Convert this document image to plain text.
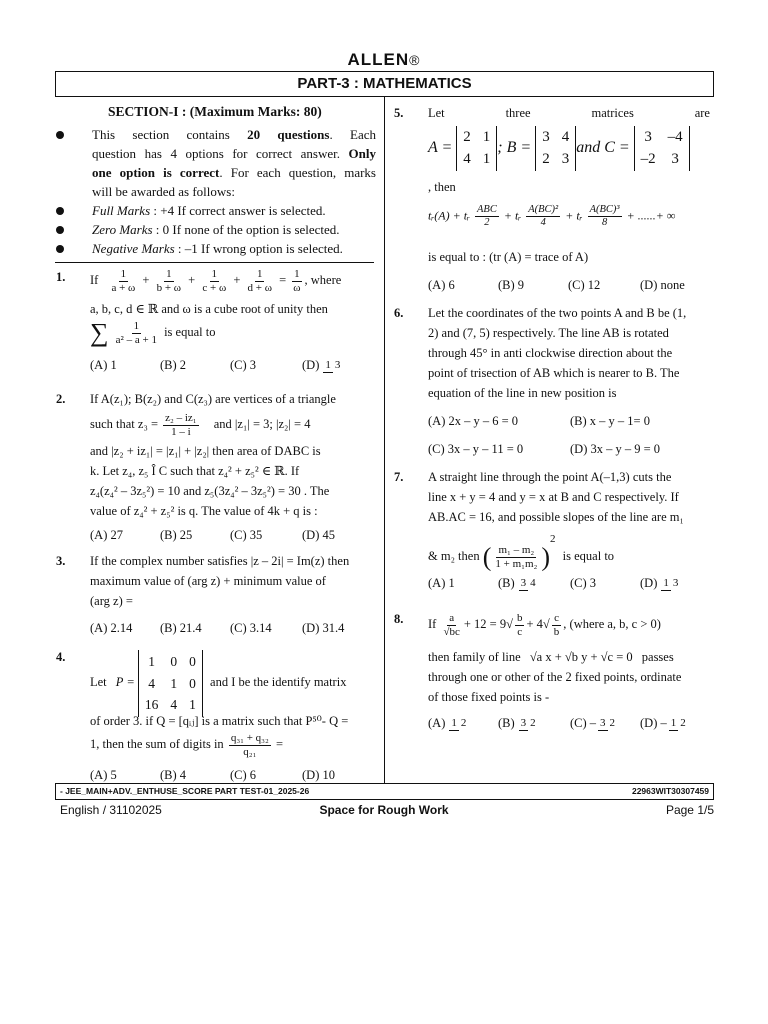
ALLEN®
PART-3 : MATHEMATICS
SECTION-I : (Maximum Marks: 80)
This section contains 20 questions. Each
question has 4 options for correct answer. Only
one option is correct. For each question, marks
will be awarded as follows:
Full Marks : +4 If correct answer is selected.
Zero Marks : 0 If none of the option is selected.
Negative Marks : –1 If wrong option is selected.
1. If $\frac{1}{a + \omega} + \frac{1}{b + \omega} + \frac{1}{c + \omega} + \frac{1}{d + \omega} = \frac{1}{\omega}$ , where
a, b, c, d ∈ ℝ and ω is a cube root of unity then
∑ $\frac{1}{\text{a² – a + 1}}$ is equal to
(A) 1	(B) 2	(C) 3	(D) 1 3
2. If A(z₁); B(z₂) and C(z₃) are vertices of a triangle
such that $z_3 = \frac{\text{z₂ – iz₁}}{1 - i}$ and |z₁| = 3; |z₂| = 4
and |z₂ + iz₁| = |z₁| + |z₂| then area of DABC is
k. Let z₄, z₅ Î C such that z₄² + z₅² ∈ ℝ. If
z₄(z₄² – 3z₅²) = 10 and z₅(3z₄² – 3z₅²) = 30 . The
value of z₄² + z₅² is q. The value of 4k + q is :
(A) 27	(B) 25	(C) 35	(D) 45
3. If the complex number satisfies |z – 2i| = Im(z) then
maximum value of (arg z) + minimum value of
(arg z) =
(A) 2.14 (B) 21.4 (C) 3.14 (D) 31.4
4.
Let P =
1 0 0
4 1 0
16 4 1
and I be the identify matrix
of order 3. if Q = [qᵢⱼ] is a matrix such that P⁵⁰- Q =
1, then the sum of digits in $\frac{\text{q₃₁ + q₃₂}}{\text{q₂₁}}$ =
(A) 5	(B) 4	(C) 6	(D) 10
5. Let	three	matrices	are
A =
2 1
4 1
; B =
3 4
2 3
and C =
3 –4
–2 3
, then
tᵣ(A) + tᵣ $\frac{\text{ABC}}{2}$ + tᵣ $\frac{\text{A(BC)²}}{4}$ + tᵣ $\frac{\text{A(BC)³}}{8}$ + ......+ ∞
is equal to : (tr (A) = trace of A)
(A) 6	(B) 9	(C) 12	(D) none
6. Let the coordinates of the two points A and B be (1,
2) and (7, 5) respectively. The line AB is rotated
through 45° in anti clockwise direction about the
point of trisection of AB which is nearer to B. The
equation of the line in new position is
(A) 2x – y – 6 = 0	(B) x – y – 1= 0
(C) 3x – y – 11 = 0	(D) 3x – y – 9 = 0
7. A straight line through the point A(–1,3) cuts the
line x + y = 4 and y = x at B and C respectively. If
AB.AC = 16, and possible slopes of the line are m₁
& m₂ then ( $\frac{\text{m₁ – m₂}}{\text{1 + m₁m₂}} )^2$ is equal to
(A) 1	(B) 3 4	(C) 3	(D) 1 3
8. If $\frac{a}{√bc} + 12 = 9√ \frac{b}{c} + 4√ \frac{c}{b}$ , (where a, b, c > 0)
then family of line √a x + √b y + √c = 0 passes
through one or other of the 2 fixed points, ordinate
of those fixed points is -
(A) 1 2	(B) 3 2	(C) – 3 2 (D) – 1 2
- JEE_MAIN+ADV._ENTHUSE_SCORE PART TEST-01_2025-26	22963WIT30307459
English / 31102025	Space for Rough Work	Page 1/5
